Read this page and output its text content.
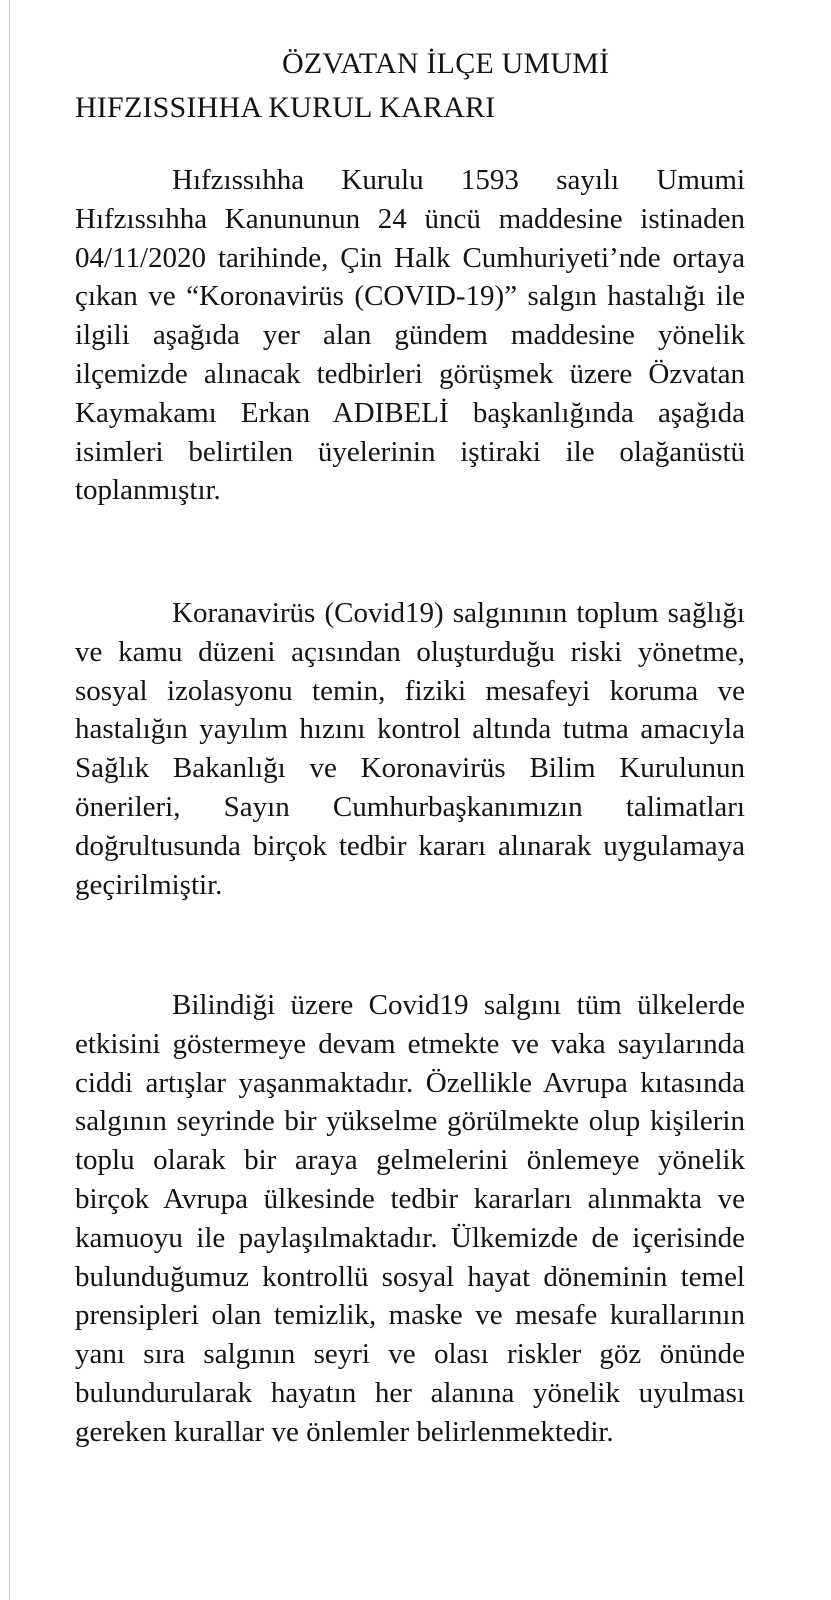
ÖZVATAN İLÇE UMUMİ
HIFZISSIHHA KURUL KARARI
Hıfzıssıhha Kurulu 1593 sayılı Umumi Hıfzıssıhha Kanununun 24 üncü maddesine istinaden 04/11/2020 tarihinde, Çin Halk Cumhuriyeti’nde ortaya çıkan ve “Koronavirüs (COVID-19)” salgın hastalığı ile ilgili aşağıda yer alan gündem maddesine yönelik ilçemizde alınacak tedbirleri görüşmek üzere Özvatan Kaymakamı Erkan ADIBELİ başkanlığında aşağıda isimleri belirtilen üyelerinin iştiraki ile olağanüstü toplanmıştır.
Koranavirüs (Covid19) salgınının toplum sağlığı ve kamu düzeni açısından oluşturduğu riski yönetme, sosyal izolasyonu temin, fiziki mesafeyi koruma ve hastalığın yayılım hızını kontrol altında tutma amacıyla Sağlık Bakanlığı ve Koronavirüs Bilim Kurulunun önerileri, Sayın Cumhurbaşkanımızın talimatları doğrultusunda birçok tedbir kararı alınarak uygulamaya geçirilmiştir.
Bilindiği üzere Covid19 salgını tüm ülkelerde etkisini göstermeye devam etmekte ve vaka sayılarında ciddi artışlar yaşanmaktadır. Özellikle Avrupa kıtasında salgının seyrinde bir yükselme görülmekte olup kişilerin toplu olarak bir araya gelmelerini önlemeye yönelik birçok Avrupa ülkesinde tedbir kararları alınmakta ve kamuoyu ile paylaşılmaktadır. Ülkemizde de içerisinde bulunduğumuz kontrollü sosyal hayat döneminin temel prensipleri olan temizlik, maske ve mesafe kurallarının yanı sıra salgının seyri ve olası riskler göz önünde bulundurularak hayatın her alanına yönelik uyulması gereken kurallar ve önlemler belirlenmektedir.
